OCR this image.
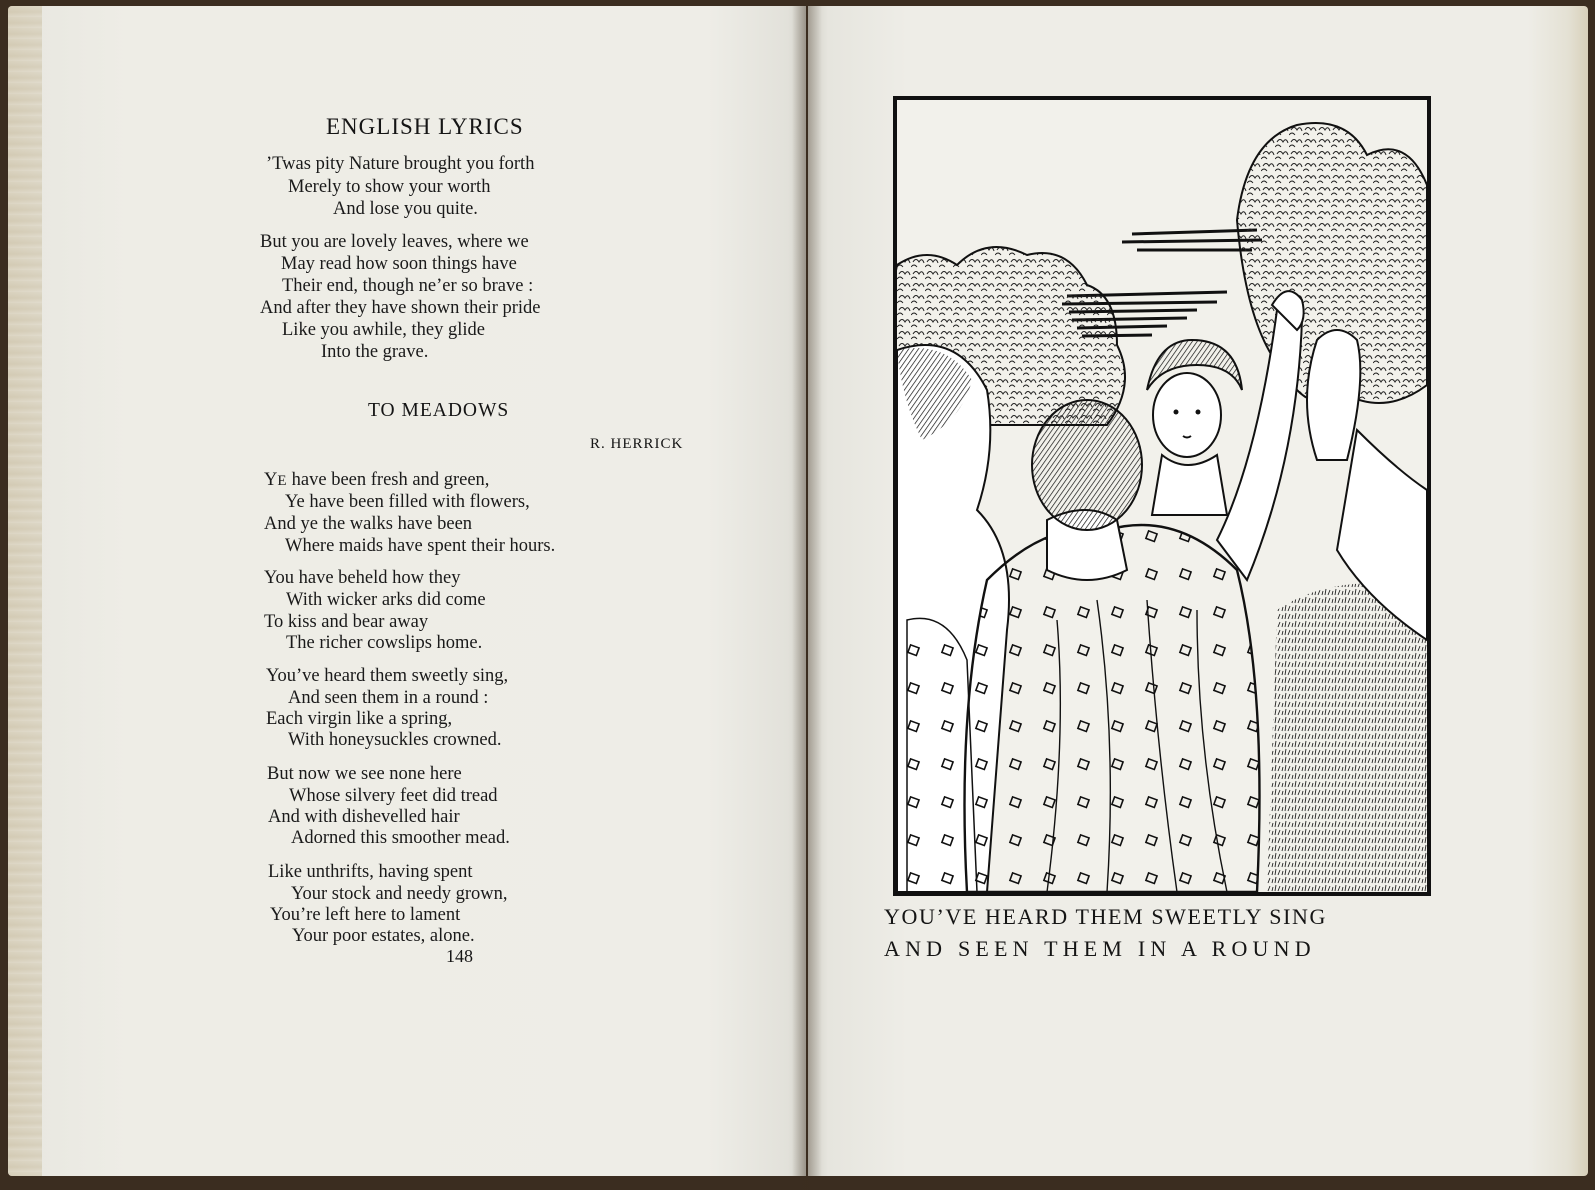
ENGLISH LYRICS
’Twas pity Nature brought you forth
Merely to show your worth
And lose you quite.
But you are lovely leaves, where we
May read how soon things have
Their end, though ne’er so brave :
And after they have shown their pride
Like you awhile, they glide
Into the grave.
TO MEADOWS
R. HERRICK
YE have been fresh and green,
Ye have been filled with flowers,
And ye the walks have been
Where maids have spent their hours.
You have beheld how they
With wicker arks did come
To kiss and bear away
The richer cowslips home.
You’ve heard them sweetly sing,
And seen them in a round :
Each virgin like a spring,
With honeysuckles crowned.
But now we see none here
Whose silvery feet did tread
And with dishevelled hair
Adorned this smoother mead.
Like unthrifts, having spent
Your stock and needy grown,
You’re left here to lament
Your poor estates, alone.
148
YOU’VE HEARD THEM SWEETLY SING
AND SEEN THEM IN A ROUND
